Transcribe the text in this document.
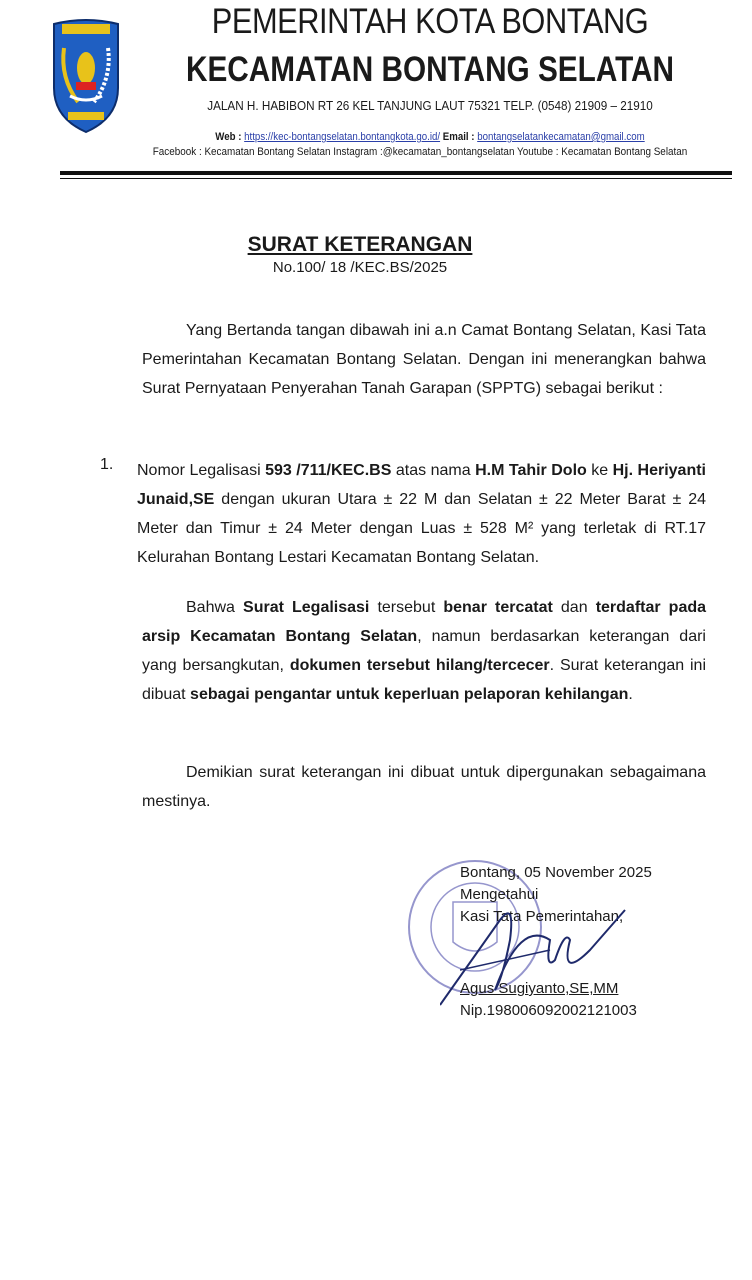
PEMERINTAH KOTA BONTANG
KECAMATAN BONTANG SELATAN
JALAN H. HABIBON RT 26 KEL TANJUNG LAUT 75321 TELP. (0548) 21909 – 21910
Web : https://kec-bontangselatan.bontangkota.go.id/ Email : bontangselatankecamatan@gmail.com
Facebook : Kecamatan Bontang Selatan Instagram :@kecamatan_bontangselatan Youtube : Kecamatan Bontang Selatan
SURAT KETERANGAN
No.100/ 18 /KEC.BS/2025
Yang Bertanda tangan dibawah ini a.n Camat Bontang Selatan, Kasi Tata Pemerintahan Kecamatan Bontang Selatan. Dengan ini menerangkan bahwa Surat Pernyataan Penyerahan Tanah Garapan (SPPTG) sebagai berikut :
1. Nomor Legalisasi 593 /711/KEC.BS atas nama H.M Tahir Dolo ke Hj. Heriyanti Junaid,SE dengan ukuran Utara ± 22 M dan Selatan ± 22 Meter Barat ± 24 Meter dan Timur ± 24 Meter dengan Luas ± 528 M² yang terletak di RT.17 Kelurahan Bontang Lestari Kecamatan Bontang Selatan.
Bahwa Surat Legalisasi tersebut benar tercatat dan terdaftar pada arsip Kecamatan Bontang Selatan, namun berdasarkan keterangan dari yang bersangkutan, dokumen tersebut hilang/tercecer. Surat keterangan ini dibuat sebagai pengantar untuk keperluan pelaporan kehilangan.
Demikian surat keterangan ini dibuat untuk dipergunakan sebagaimana mestinya.
Bontang, 05 November 2025
Mengetahui
Kasi Tata Pemerintahan,
Agus Sugiyanto,SE,MM
Nip.198006092002121003
